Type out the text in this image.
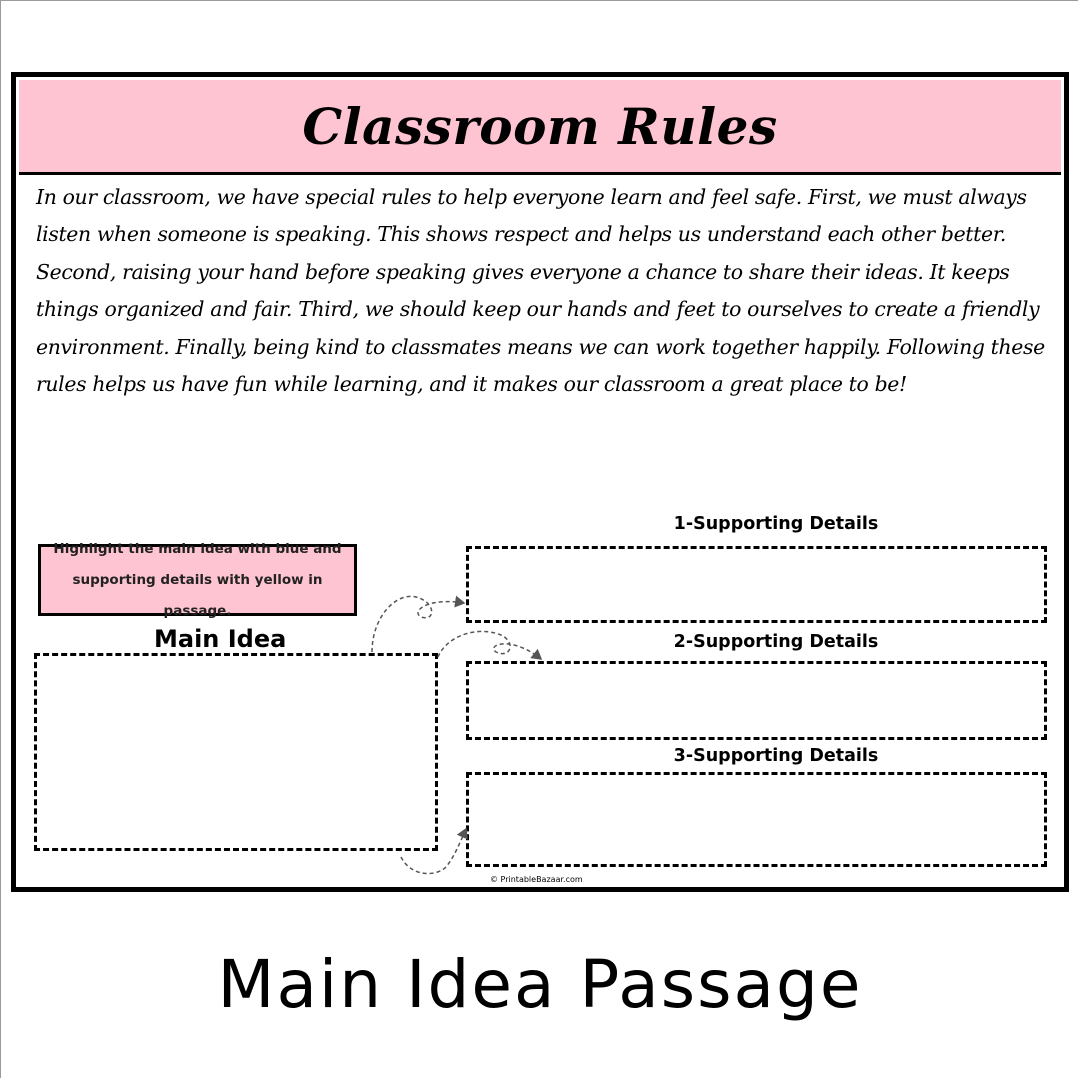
Classroom Rules

In our classroom, we have special rules to help everyone learn and feel safe. First, we must always listen when someone is speaking. This shows respect and helps us understand each other better. Second, raising your hand before speaking gives everyone a chance to share their ideas. It keeps things organized and fair. Third, we should keep our hands and feet to ourselves to create a friendly environment. Finally, being kind to classmates means we can work together happily. Following these rules helps us have fun while learning, and it makes our classroom a great place to be!

Highlight the main idea with blue and supporting details with yellow in passage.
Main Idea
1-Supporting Details
2-Supporting Details
3-Supporting Details
© PrintableBazaar.com
Main Idea Passage
